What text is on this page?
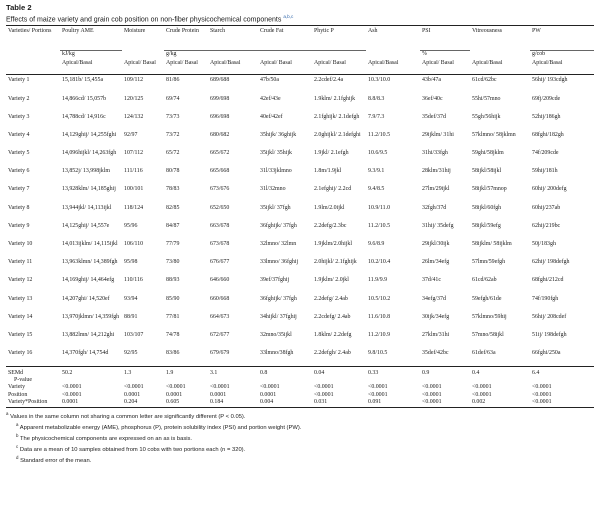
Table 2
Effects of maize variety and grain cob position on non-fiber physicochemical components $^{a,b,c}$
Varieties/ Portions	Poultry AME	Moisture	Crude Protein	Starch	Crude Fat	Phytic P	Ash	PSI	Vitreousness	PW

	kJ/kg		g/kg					%		g/cob

	Apical/Basal	Apical/ Basal	Apical/ Basal	Apical/Basal	Apical/ Basal	Apical/ Basal	Apical/Basal	Apical/ Basal	Apical/Basal	Apical/Basal

Variety 1	15,181b/ 15,455a	109/112	81/86	689/688	47b/50a	2.2cdef/2.4a	10.3/10.0	43b/47a	61cd/62bc	56hij/ 193cdgh
Variety 2	14,866cd/ 15,057b	120/125	69/74	699/698	42ef/43e	1.9klm/ 2.1fghijk	8.8/8.3	36ef/40c	55hi/57mno	69fj/209cde
Variety 3	14,788cd/ 14,916c	124/132	73/73	696/698	40ef/42ef	2.1fghijk/ 2.1defgh	7.9/7.3	35def/37d	55gh/56hijk	52hij/186gh
Variety 4	14,129ghij/ 14,255fghi	92/97	73/72	680/682	35hijk/ 36ghijk	2.0ghijkl/ 2.1defghi	11.2/10.5	29ijklm/ 31hi	57klmno/ 58jklmn	68fghi/182gh
Variety 5	14,096hijkl/ 14,263fgh	107/112	65/72	665/672	35ijkl/ 35hijk	1.9jkl/ 2.1efgh	10.6/9.5	31hi/33fgh	59ghi/58jklm	74f/209cde
Variety 6	13,852j/ 13,998jklm	111/116	80/78	665/668	31l/33jklmno	1.8m/1.9jkl	9.3/9.1	28klm/31hij	58ijkl/58ijkl	59hij/181h
Variety 7	13,928klm/ 14,185ghij	100/101	78/83	673/676	31l/32mno	2.1efghij/ 2.2cd	9.4/8.5	27lm/29ijkl	58ijkl/57mnop	60hij/ 200defg
Variety 8	13,944jkl/ 14,113ijkl	118/124	82/85	652/650	35ijkl/ 37fgh	1.9lm/2.0ijkl	10.9/11.0	32fgh/37d	58ijkl/60fgh	60hij/237ab
Variety 9	14,125ghij/ 14,557e	95/96	84/87	663/678	36fghijk/ 37fgh	2.2defg/2.3bc	11.2/10.5	31hij/ 35defg	58ijkl/59efg	62hij/219bc
Variety 10	14,013ijklm/ 14,115ijkl	106/110	77/79	673/678	32lmno/ 32lmn	1.9jklm/2.0hijkl	9.6/8.9	29ijkl/30ijk	58ijklm/ 58ijklm	50j/183gh
Variety 11	13,963klmn/ 14,389fgh	95/98	73/80	676/677	33lmno/ 36fghij	2.0hijkl/ 2.1fghijk	10.2/10.4	26lm/34efg	57lmn/59efgh	62hij/ 198defgh
Variety 12	14,169ghij/ 14,464efg	110/116	88/93	646/660	39ef/37fghij	1.9jklm/ 2.0jkl	11.9/9.9	37d/41c	61cd/62ab	68fghi/212cd
Variety 13	14,207ghi/ 14,520ef	93/94	85/90	660/668	36fghijk/ 37fgh	2.2defg/ 2.4ab	10.5/10.2	34efg/37d	59efgh/61de	74f/190fgh
Variety 14	13,970jklmn/ 14,359fgh	88/91	77/81	664/673	34hijkl/ 37fghij	2.2cdefg/ 2.4ab	11.6/10.8	30ijk/34efg	57klmno/59hij	56hij/ 208cdef
Variety 15	13,882lmn/ 14,212ghi	103/107	74/78	672/677	32mno/35ijkl	1.8klm/ 2.2defg	11.2/10.9	27klm/31hi	57mno/58ijkl	51ij/ 198defgh
Variety 16	14,370fgh/ 14,754d	92/95	83/86	679/679	33lmno/38fgh	2.2defgh/ 2.4ab	9.8/10.5	35def/42bc	61def/63a	66fghi/250a
SEMd	50.2	1.3	1.9	3.1	0.8	0.04	0.33	0.9	0.4	6.4
P-value										
Variety	<0.0001	<0.0001	<0.0001	<0.0001	<0.0001	<0.0001	<0.0001	<0.0001	<0.0001	<0.0001
Position	<0.0001	0.0001	0.0001	0.0001	0.0001	<0.0001	<0.0001	<0.0001	<0.0001	<0.0001
Variety*Position	0.0001	0.204	0.605	0.184	0.004	0.031	0.091	<0.0001	0.002	<0.0001
$^a$ Values in the same column not sharing a common letter are significantly different (P < 0.05).
$^a$ Apparent metabolizable energy (AME), phosphorus (P), protein solubility index (PSI) and portion weight (PW).
$^b$ The physicochemical components are expressed on an as is basis.
$^c$ Data are a mean of 10 samples obtained from 10 cobs with two portions each (n = 320).
$^d$ Standard error of the mean.
